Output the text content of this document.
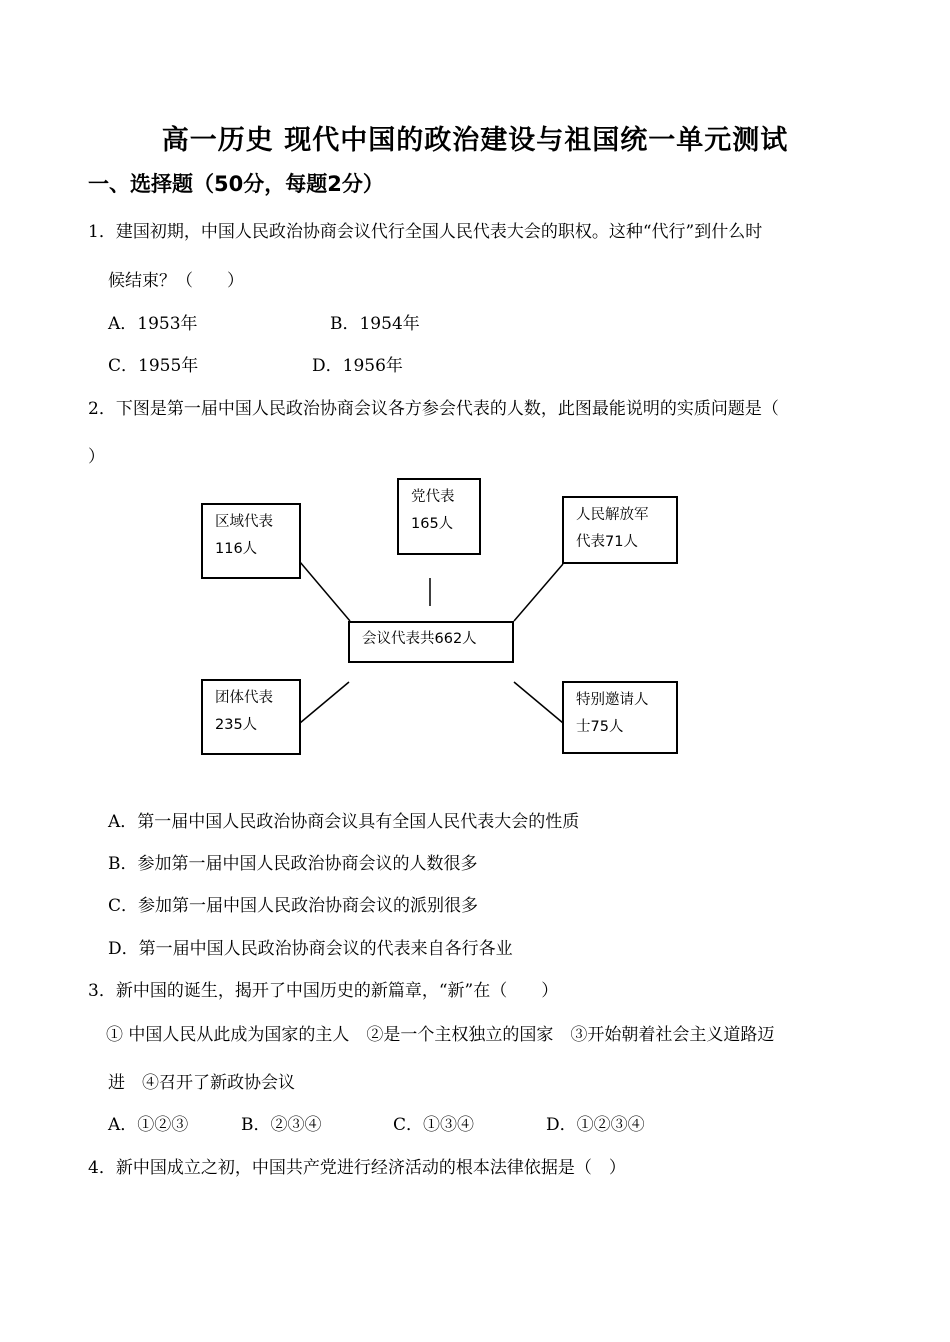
高一历史 现代中国的政治建设与祖国统一单元测试
一、选择题（50分，每题2分）
1．建国初期，中国人民政治协商会议代行全国人民代表大会的职权。这种“代行”到什么时
候结束？（　　）
A．1953年	B．1954年
C．1955年	D．1956年
2．下图是第一届中国人民政治协商会议各方参会代表的人数，此图最能说明的实质问题是（
）
区域代表
116人
党代表
165人
人民解放军
代表71人
会议代表共662人
团体代表
235人
特别邀请人
士75人
A．第一届中国人民政治协商会议具有全国人民代表大会的性质
B．参加第一届中国人民政治协商会议的人数很多
C．参加第一届中国人民政治协商会议的派别很多
D．第一届中国人民政治协商会议的代表来自各行各业
3．新中国的诞生，揭开了中国历史的新篇章，“新”在（　　）
① 中国人民从此成为国家的主人　②是一个主权独立的国家　③开始朝着社会主义道路迈
进　④召开了新政协会议
A．①②③	B．②③④	C．①③④	D．①②③④
4．新中国成立之初，中国共产党进行经济活动的根本法律依据是（　）
